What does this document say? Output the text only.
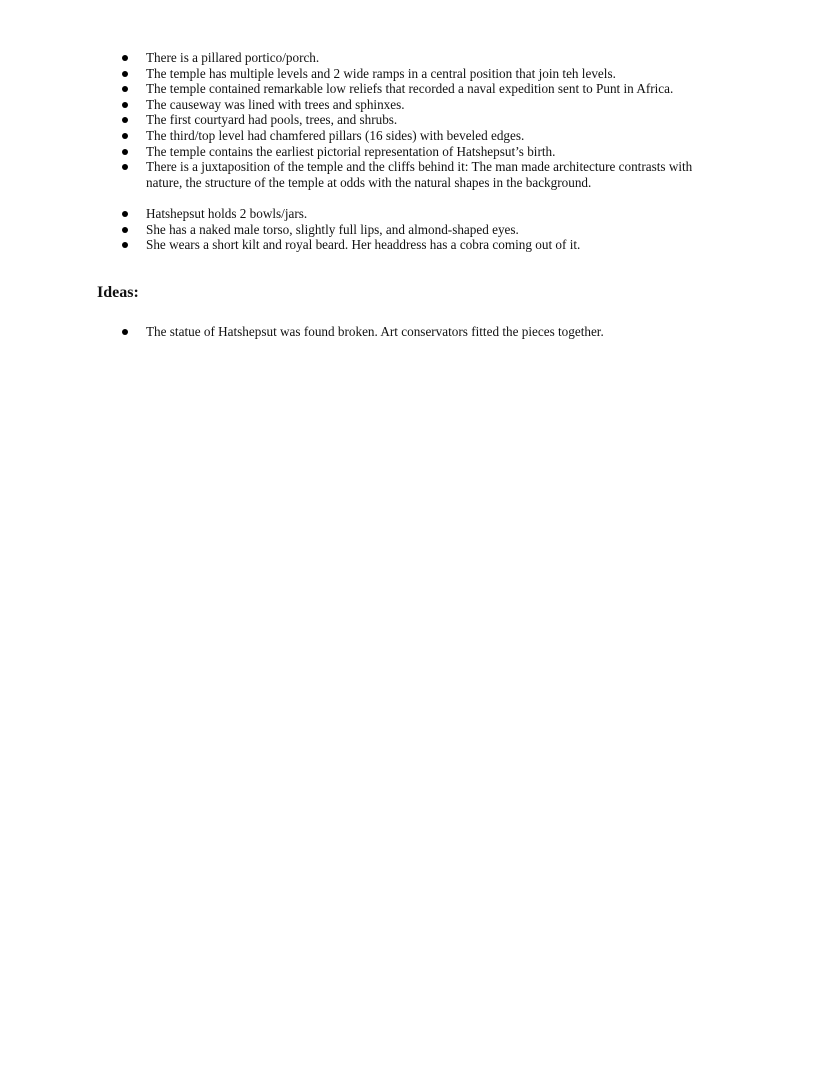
There is a pillared portico/porch.
The temple has multiple levels and 2 wide ramps in a central position that join teh levels.
The temple contained remarkable low reliefs that recorded a naval expedition sent to Punt in Africa.
The causeway was lined with trees and sphinxes.
The first courtyard had pools, trees, and shrubs.
The third/top level had chamfered pillars (16 sides) with beveled edges.
The temple contains the earliest pictorial representation of Hatshepsut’s birth.
There is a juxtaposition of the temple and the cliffs behind it: The man made architecture contrasts with nature, the structure of the temple at odds with the natural shapes in the background.
Hatshepsut holds 2 bowls/jars.
She has a naked male torso, slightly full lips, and almond-shaped eyes.
She wears a short kilt and royal beard. Her headdress has a cobra coming out of it.
Ideas:
The statue of Hatshepsut was found broken. Art conservators fitted the pieces together.
